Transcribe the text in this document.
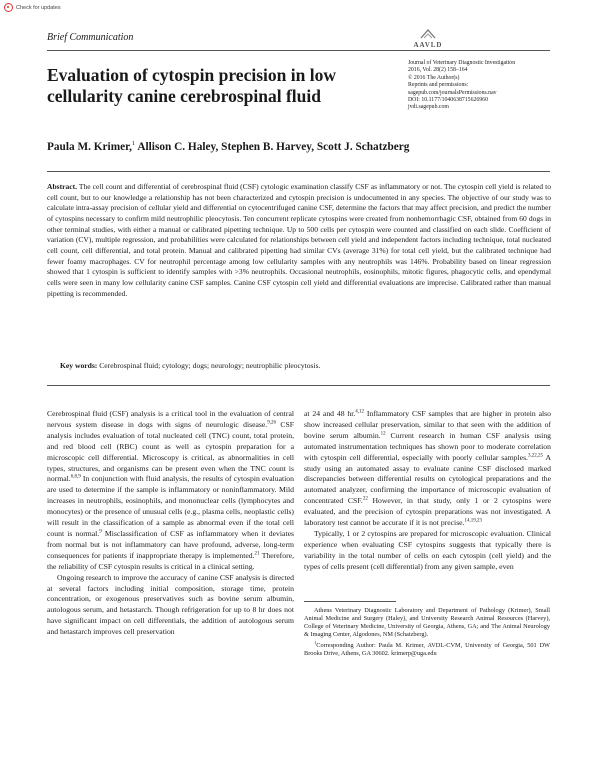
Check for updates
Brief Communication
AAVLD
Evaluation of cytospin precision in low cellularity canine cerebrospinal fluid
Journal of Veterinary Diagnostic Investigation
2016, Vol. 28(2) 158–164
© 2016 The Author(s)
Reprints and permissions:
sagepub.com/journalsPermissions.nav
DOI: 10.1177/1040638715626960
jvdi.sagepub.com
Paula M. Krimer,$^1$ Allison C. Haley, Stephen B. Harvey, Scott J. Schatzberg
Abstract. The cell count and differential of cerebrospinal fluid (CSF) cytologic examination classify CSF as inflammatory or not. The cytospin cell yield is related to cell count, but to our knowledge a relationship has not been characterized and cytospin precision is undocumented in any species. The objective of our study was to calculate intra-assay precision of cellular yield and differential on cytocentrifuged canine CSF, determine the factors that may affect precision, and predict the number of cytospins necessary to confirm mild neutrophilic pleocytosis. Ten concurrent replicate cytospins were created from nonhemorrhagic CSF, obtained from 60 dogs in other terminal studies, with either a manual or calibrated pipetting technique. Up to 500 cells per cytospin were counted and classified on each slide. Coefficient of variation (CV), multiple regression, and probabilities were calculated for relationships between cell yield and independent factors including technique, total nucleated cell count, cell differential, and total protein. Manual and calibrated pipetting had similar CVs (average 31%) for total cell yield, but the calibrated technique had fewer foamy macrophages. CV for neutrophil percentage among low cellularity samples with any neutrophils was 146%. Probability based on linear regression showed that 1 cytospin is sufficient to identify samples with >3% neutrophils. Occasional neutrophils, eosinophils, mitotic figures, phagocytic cells, and ependymal cells were seen in many low cellularity canine CSF samples. Canine CSF cytospin cell yield and differential evaluations are imprecise. Calibrated rather than manual pipetting is recommended.
Key words: Cerebrospinal fluid; cytology; dogs; neurology; neutrophilic pleocytosis.

Cerebrospinal fluid (CSF) analysis is a critical tool in the evaluation of central nervous system disease in dogs with signs of neurologic disease.$^{9,26}$ CSF analysis includes evaluation of total nucleated cell (TNC) count, total protein, and red blood cell (RBC) count as well as cytospin preparation for a microscopic cell differential. Microscopy is critical, as abnormalities in cell types, structures, and organisms can be present even when the TNC count is normal.$^{6,8,9}$ In conjunction with fluid analysis, the results of cytospin evaluation are used to determine if the sample is inflammatory or noninflammatory. Mild increases in neutrophils, eosinophils, and mononuclear cells (lymphocytes and monocytes) or the presence of unusual cells (e.g., plasma cells, neoplastic cells) will result in the classification of a sample as abnormal even if the total cell count is normal.$^9$ Misclassification of CSF as inflammatory when it deviates from normal but is not inflammatory can have profound, adverse, long-term consequences for patients if inappropriate therapy is implemented.$^{21}$ Therefore, the reliability of CSF cytospin results is critical in a clinical setting.

Ongoing research to improve the accuracy of canine CSF analysis is directed at several factors including initial composition, storage time, protein concentration, or exogenous preservatives such as bovine serum albumin, autologous serum, and hetastarch. Though refrigeration for up to 8 hr does not have significant impact on cell differentials, the addition of autologous serum and hetastarch improves cell preservation

at 24 and 48 hr.$^{4,12}$ Inflammatory CSF samples that are higher in protein also show increased cellular preservation, similar to that seen with the addition of bovine serum albumin.$^{12}$ Current research in human CSF analysis using automated instrumentation techniques has shown poor to moderate correlation with cytospin cell differential, especially with poorly cellular samples.$^{3,22,25}$ A study using an automated assay to evaluate canine CSF disclosed marked discrepancies between differential results on cytological preparations and the automated analyzer, confirming the importance of microscopic evaluation of concentrated CSF.$^{22}$ However, in that study, only 1 or 2 cytospins were evaluated, and the precision of cytospin preparations was not investigated. A laboratory test cannot be accurate if it is not precise.$^{14,19,23}$

Typically, 1 or 2 cytospins are prepared for microscopic evaluation. Clinical experience when evaluating CSF cytospins suggests that typically there is variability in the total number of cells on each cytospin (cell yield) and the types of cells present (cell differential) from any given sample, even

Athens Veterinary Diagnostic Laboratory and Department of Pathology (Krimer), Small Animal Medicine and Surgery (Haley), and University Research Animal Resources (Harvey), College of Veterinary Medicine, University of Georgia, Athens, GA; and The Animal Neurology & Imaging Center, Algodones, NM (Schatzberg).

$^1$Corresponding Author: Paula M. Krimer, AVDL-CVM, University of Georgia, 501 DW Brooks Drive, Athens, GA 30602. krimerp@uga.edu
